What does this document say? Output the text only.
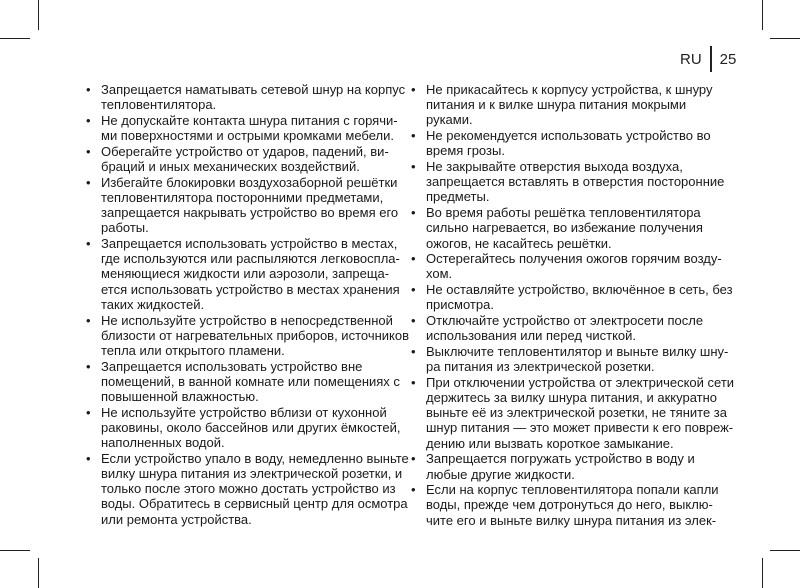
RU 25
• Запрещается наматывать сетевой шнур на корпус
тепловентилятора.
• Не допускайте контакта шнура питания с горячи-
ми поверхностями и острыми кромками мебели.
• Оберегайте устройство от ударов, падений, ви-
браций и иных механических воздействий.
• Избегайте блокировки воздухозаборной решётки
тепловентилятора посторонними предметами,
запрещается накрывать устройство во время его
работы.
• Запрещается использовать устройство в местах,
где используются или распыляются легковоспла-
меняющиеся жидкости или аэрозоли, запреща-
ется использовать устройство в местах хранения
таких жидкостей.
• Не используйте устройство в непосредственной
близости от нагревательных приборов, источников
тепла или открытого пламени.
• Запрещается использовать устройство вне
помещений, в ванной комнате или помещениях с
повышенной влажностью.
• Не используйте устройство вблизи от кухонной
раковины, около бассейнов или других ёмкостей,
наполненных водой.
• Если устройство упало в воду, немедленно выньте
вилку шнура питания из электрической розетки, и
только после этого можно достать устройство из
воды. Обратитесь в сервисный центр для осмотра
или ремонта устройства.
• Не прикасайтесь к корпусу устройства, к шнуру
питания и к вилке шнура питания мокрыми
руками.
• Не рекомендуется использовать устройство во
время грозы.
• Не закрывайте отверстия выхода воздуха,
запрещается вставлять в отверстия посторонние
предметы.
• Во время работы решётка тепловентилятора
сильно нагревается, во избежание получения
ожогов, не касайтесь решётки.
• Остерегайтесь получения ожогов горячим возду-
хом.
• Не оставляйте устройство, включённое в сеть, без
присмотра.
• Отключайте устройство от электросети после
использования или перед чисткой.
• Выключите тепловентилятор и выньте вилку шну-
ра питания из электрической розетки.
• При отключении устройства от электрической сети
держитесь за вилку шнура питания, и аккуратно
выньте её из электрической розетки, не тяните за
шнур питания — это может привести к его повреж-
дению или вызвать короткое замыкание.
• Запрещается погружать устройство в воду и
любые другие жидкости.
• Если на корпус тепловентилятора попали капли
воды, прежде чем дотронуться до него, выклю-
чите его и выньте вилку шнура питания из элек-
